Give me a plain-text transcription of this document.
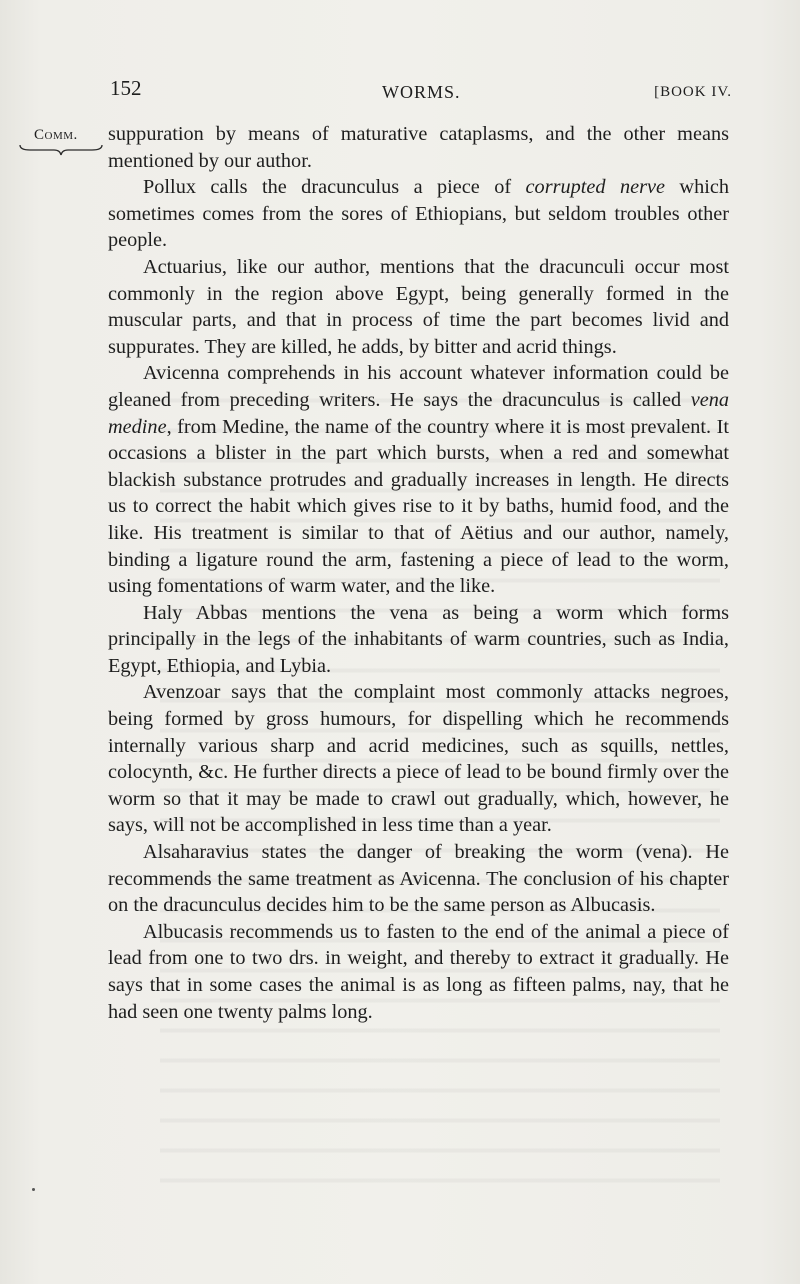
152	WORMS.	[BOOK IV.
Comm.	suppuration by means of maturative cataplasms, and the other means mentioned by our author.

Pollux calls the dracunculus a piece of corrupted nerve which sometimes comes from the sores of Ethiopians, but seldom troubles other people.

Actuarius, like our author, mentions that the dracunculi occur most commonly in the region above Egypt, being generally formed in the muscular parts, and that in process of time the part becomes livid and suppurates. They are killed, he adds, by bitter and acrid things.

Avicenna comprehends in his account whatever information could be gleaned from preceding writers. He says the dracunculus is called vena medine, from Medine, the name of the country where it is most prevalent. It occasions a blister in the part which bursts, when a red and somewhat blackish substance protrudes and gradually increases in length. He directs us to correct the habit which gives rise to it by baths, humid food, and the like. His treatment is similar to that of Aëtius and our author, namely, binding a ligature round the arm, fastening a piece of lead to the worm, using fomentations of warm water, and the like.

Haly Abbas mentions the vena as being a worm which forms principally in the legs of the inhabitants of warm countries, such as India, Egypt, Ethiopia, and Lybia.

Avenzoar says that the complaint most commonly attacks negroes, being formed by gross humours, for dispelling which he recommends internally various sharp and acrid medicines, such as squills, nettles, colocynth, &c. He further directs a piece of lead to be bound firmly over the worm so that it may be made to crawl out gradually, which, however, he says, will not be accomplished in less time than a year.

Alsaharavius states the danger of breaking the worm (vena). He recommends the same treatment as Avicenna. The conclusion of his chapter on the dracunculus decides him to be the same person as Albucasis.

Albucasis recommends us to fasten to the end of the animal a piece of lead from one to two drs. in weight, and thereby to extract it gradually. He says that in some cases the animal is as long as fifteen palms, nay, that he had seen one twenty palms long.
